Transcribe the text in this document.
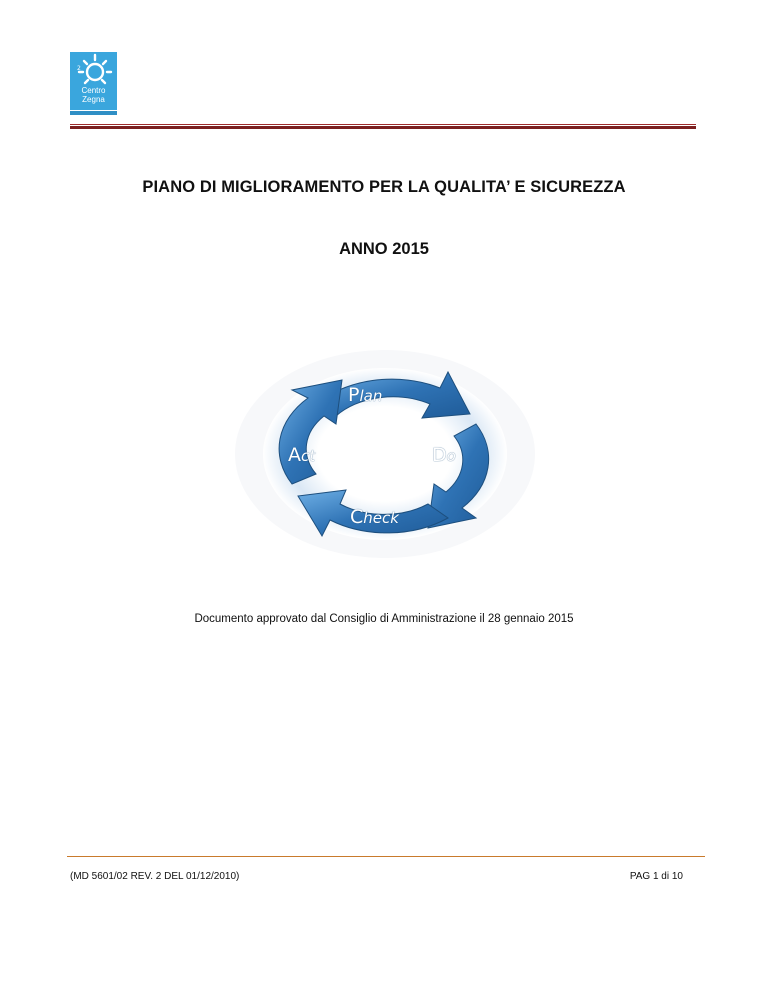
2
Centro Zegna
PIANO DI MIGLIORAMENTO PER LA QUALITA’ E SICUREZZA
ANNO 2015
Plan
Do
Check
Act
Documento approvato dal Consiglio di Amministrazione il 28 gennaio 2015
(MD 5601/02 REV. 2 DEL 01/12/2010)	PAG 1 di 10
